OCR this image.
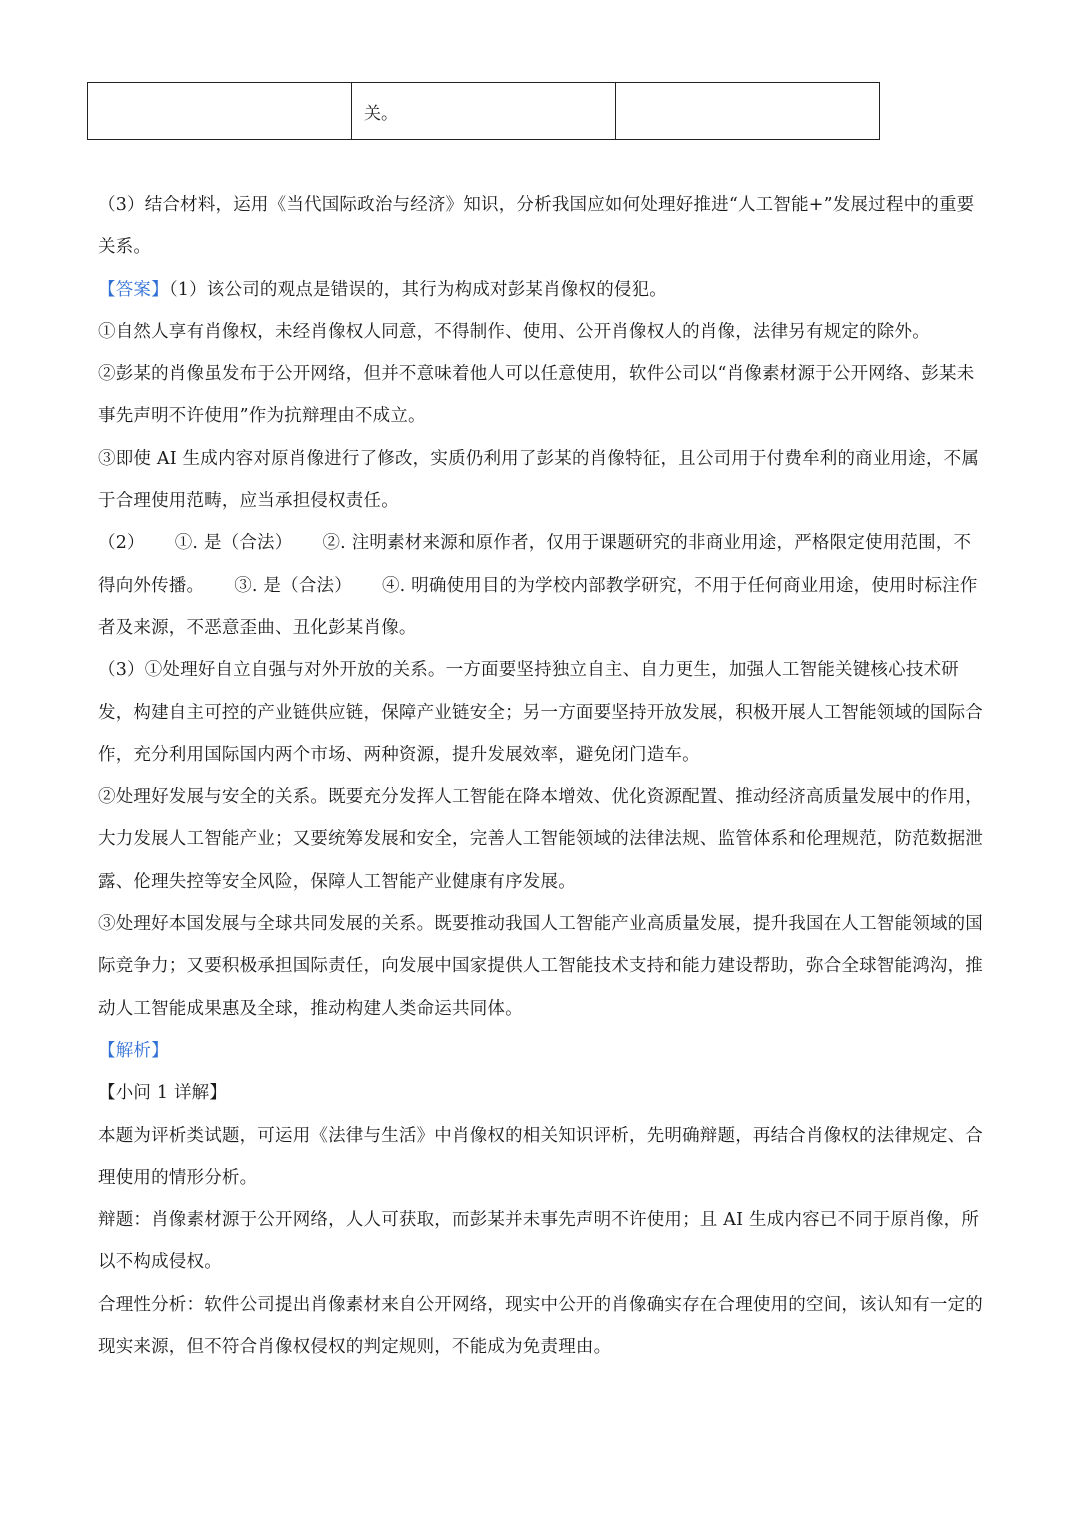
	关。	

（3）结合材料，运用《当代国际政治与经济》知识，分析我国应如何处理好推进“人工智能+”发展过程中的重要关系。

【答案】（1）该公司的观点是错误的，其行为构成对彭某肖像权的侵犯。

①自然人享有肖像权，未经肖像权人同意，不得制作、使用、公开肖像权人的肖像，法律另有规定的除外。

②彭某的肖像虽发布于公开网络，但并不意味着他人可以任意使用，软件公司以“肖像素材源于公开网络、彭某未事先声明不许使用”作为抗辩理由不成立。

③即使 AI 生成内容对原肖像进行了修改，实质仍利用了彭某的肖像特征，且公司用于付费牟利的商业用途，不属于合理使用范畴，应当承担侵权责任。

（2） ①. 是（合法） ②. 注明素材来源和原作者，仅用于课题研究的非商业用途，严格限定使用范围，不得向外传播。 ③. 是（合法） ④. 明确使用目的为学校内部教学研究，不用于任何商业用途，使用时标注作者及来源，不恶意歪曲、丑化彭某肖像。

（3）①处理好自立自强与对外开放的关系。一方面要坚持独立自主、自力更生，加强人工智能关键核心技术研发，构建自主可控的产业链供应链，保障产业链安全；另一方面要坚持开放发展，积极开展人工智能领域的国际合作，充分利用国际国内两个市场、两种资源，提升发展效率，避免闭门造车。

②处理好发展与安全的关系。既要充分发挥人工智能在降本增效、优化资源配置、推动经济高质量发展中的作用，大力发展人工智能产业；又要统筹发展和安全，完善人工智能领域的法律法规、监管体系和伦理规范，防范数据泄露、伦理失控等安全风险，保障人工智能产业健康有序发展。

③处理好本国发展与全球共同发展的关系。既要推动我国人工智能产业高质量发展，提升我国在人工智能领域的国际竞争力；又要积极承担国际责任，向发展中国家提供人工智能技术支持和能力建设帮助，弥合全球智能鸿沟，推动人工智能成果惠及全球，推动构建人类命运共同体。

【解析】

【小问 1 详解】

本题为评析类试题，可运用《法律与生活》中肖像权的相关知识评析，先明确辩题，再结合肖像权的法律规定、合理使用的情形分析。

辩题：肖像素材源于公开网络，人人可获取，而彭某并未事先声明不许使用；且 AI 生成内容已不同于原肖像，所以不构成侵权。

合理性分析：软件公司提出肖像素材来自公开网络，现实中公开的肖像确实存在合理使用的空间，该认知有一定的现实来源，但不符合肖像权侵权的判定规则，不能成为免责理由。
